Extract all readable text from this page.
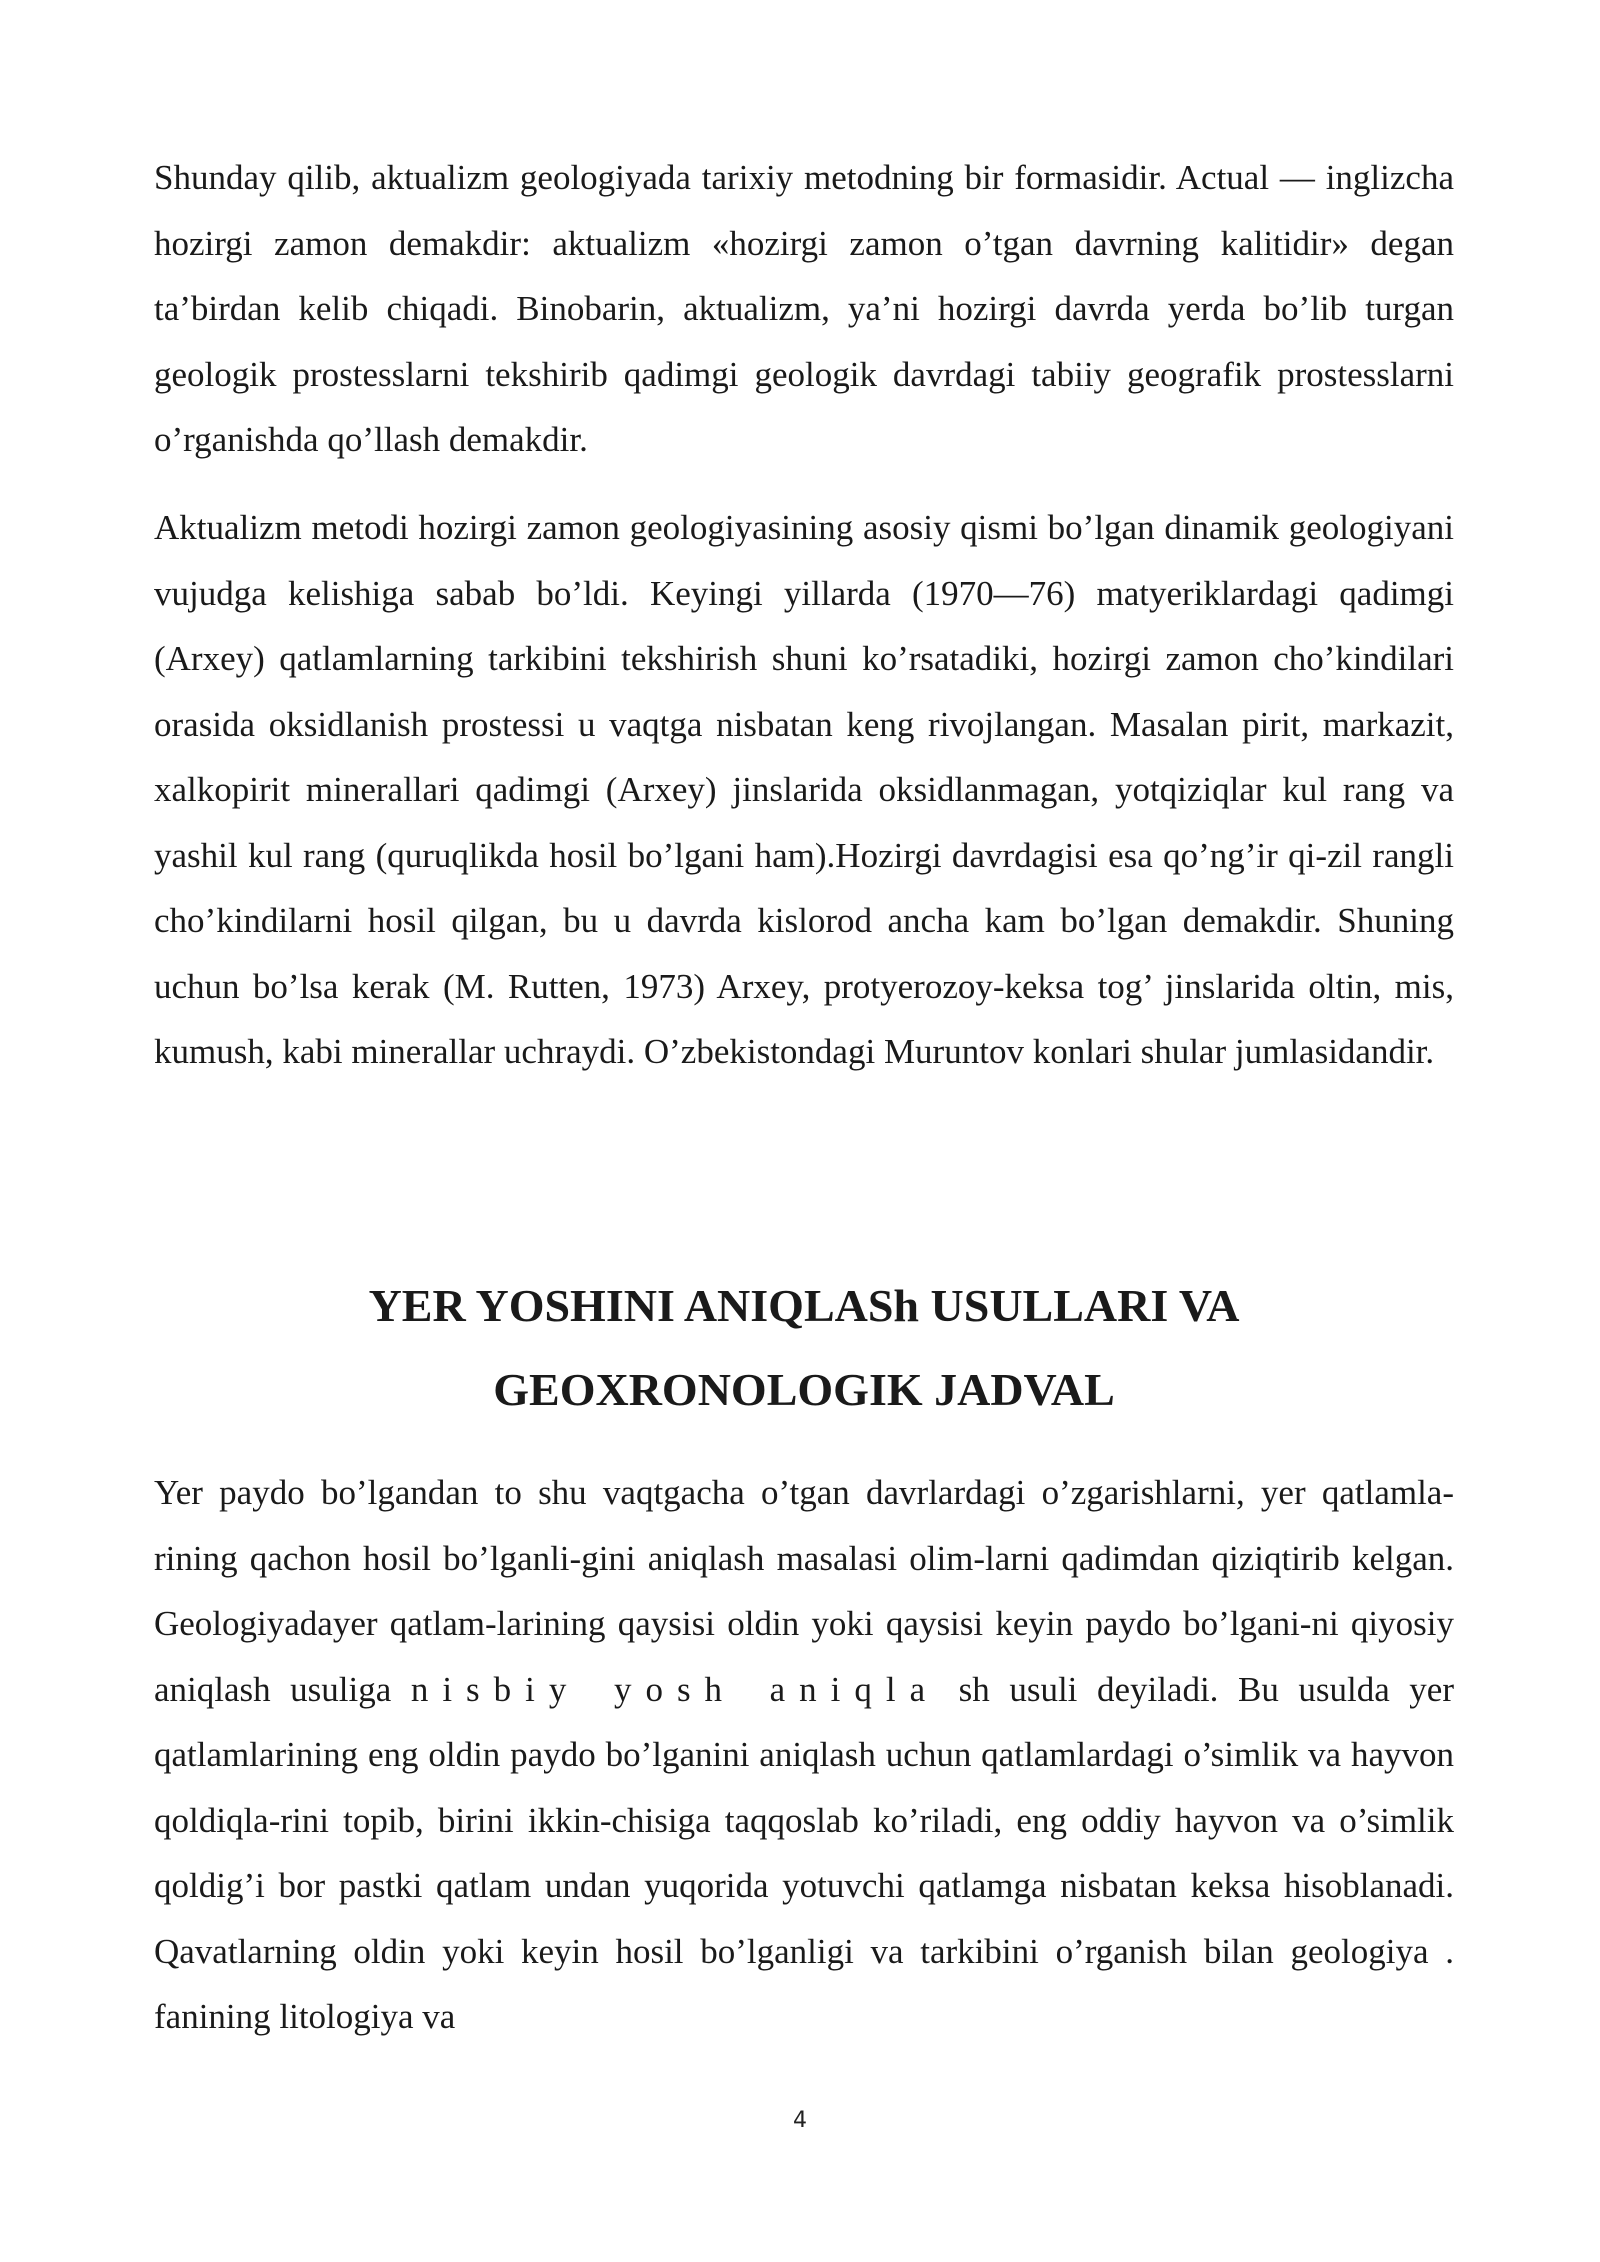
Shunday qilib, aktualizm geologiyada tarixiy metodning bir formasidir. Actual — inglizcha hozirgi zamon demakdir: aktualizm «hozirgi zamon o’tgan davrning kalitidir» degan ta’birdan kelib chiqadi. Binobarin, aktualizm, ya’ni hozirgi davrda yerda bo’lib turgan geologik prostesslarni tekshirib qadimgi geologik davrdagi tabiiy geografik prostesslarni o’rganishda qo’llash demakdir.

Aktualizm metodi hozirgi zamon geologiyasining asosiy qismi bo’lgan dinamik geologiyani vujudga kelishiga sabab bo’ldi. Keyingi yillarda (1970—76) matyeriklardagi qadimgi (Arxey) qatlamlarning tarkibini tekshirish shuni ko’rsatadiki, hozirgi zamon cho’kindilari orasida oksidlanish prostessi u vaqtga nisbatan keng rivojlangan. Masalan pirit, markazit, xalkopirit minerallari qadimgi (Arxey) jinslarida oksidlanmagan, yotqiziqlar kul rang va yashil kul rang (quruqlikda hosil bo’lgani ham).Hozirgi davrdagisi esa qo’ng’ir qi-zil rangli cho’kindilarni hosil qilgan, bu u davrda kislorod ancha kam bo’lgan demakdir. Shuning uchun bo’lsa kerak (M. Rutten, 1973) Arxey, protyerozoy-keksa tog’ jinslarida oltin, mis, kumush, kabi minerallar uchraydi. O’zbekistondagi Muruntov konlari shular jumlasidandir.

YER YOSHINI ANIQLASh USULLARI VA
GEOXRONOLOGIK JADVAL

Yer paydo bo’lgandan to shu vaqtgacha o’tgan davrlardagi o’zgarishlarni, yer qatlamla-rining qachon hosil bo’lganli-gini aniqlash masalasi olim-larni qadimdan qiziqtirib kelgan. Geologiyadayer qatlam-larining qaysisi oldin yoki qaysisi keyin paydo bo’lgani-ni qiyosiy aniqlash usuliga nisbiy yosh aniqla sh usuli deyiladi. Bu usulda yer qatlamlarining eng oldin paydo bo’lganini aniqlash uchun qatlamlardagi o’simlik va hayvon qoldiqla-rini topib, birini ikkin-chisiga taqqoslab ko’riladi, eng oddiy hayvon va o’simlik qoldig’i bor pastki qatlam undan yuqorida yotuvchi qatlamga nisbatan keksa hisoblanadi. Qavatlarning oldin yoki keyin hosil bo’lganligi va tarkibini o’rganish bilan geologiya . fanining litologiya va

4
